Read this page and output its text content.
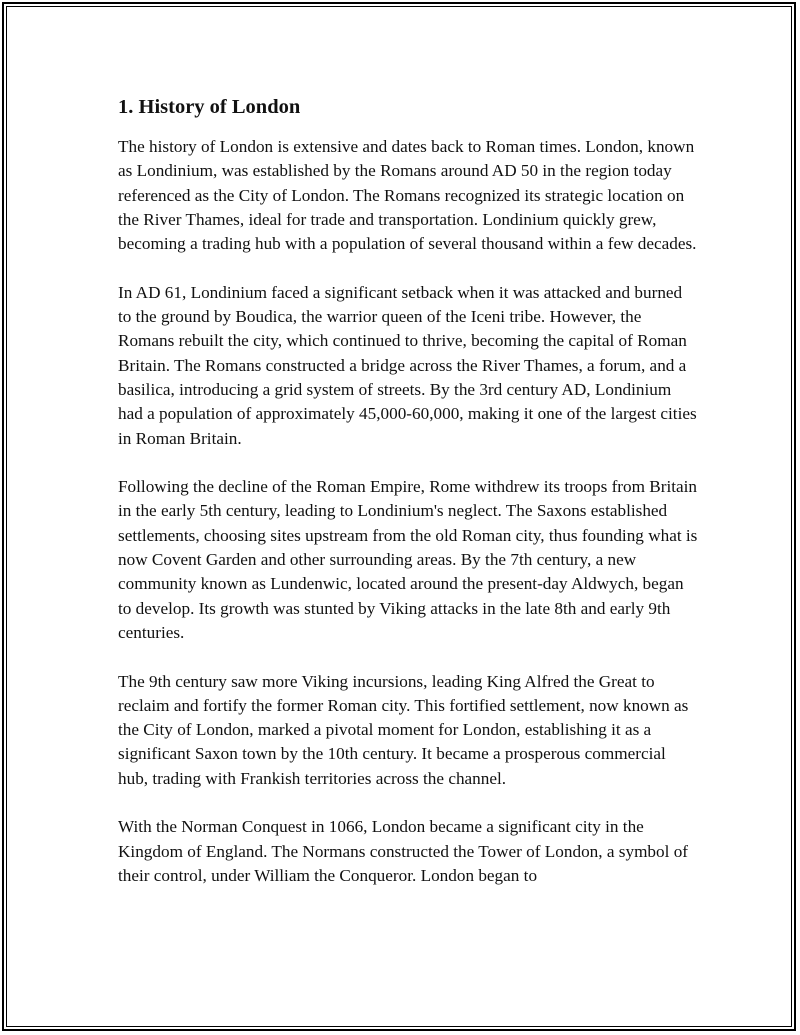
1. History of London

The history of London is extensive and dates back to Roman times. London, known as Londinium, was established by the Romans around AD 50 in the region today referenced as the City of London. The Romans recognized its strategic location on the River Thames, ideal for trade and transportation. Londinium quickly grew, becoming a trading hub with a population of several thousand within a few decades.

In AD 61, Londinium faced a significant setback when it was attacked and burned to the ground by Boudica, the warrior queen of the Iceni tribe. However, the Romans rebuilt the city, which continued to thrive, becoming the capital of Roman Britain. The Romans constructed a bridge across the River Thames, a forum, and a basilica, introducing a grid system of streets. By the 3rd century AD, Londinium had a population of approximately 45,000-60,000, making it one of the largest cities in Roman Britain.

Following the decline of the Roman Empire, Rome withdrew its troops from Britain in the early 5th century, leading to Londinium's neglect. The Saxons established settlements, choosing sites upstream from the old Roman city, thus founding what is now Covent Garden and other surrounding areas. By the 7th century, a new community known as Lundenwic, located around the present-day Aldwych, began to develop. Its growth was stunted by Viking attacks in the late 8th and early 9th centuries.

The 9th century saw more Viking incursions, leading King Alfred the Great to reclaim and fortify the former Roman city. This fortified settlement, now known as the City of London, marked a pivotal moment for London, establishing it as a significant Saxon town by the 10th century. It became a prosperous commercial hub, trading with Frankish territories across the channel.

With the Norman Conquest in 1066, London became a significant city in the Kingdom of England. The Normans constructed the Tower of London, a symbol of their control, under William the Conqueror. London began to
